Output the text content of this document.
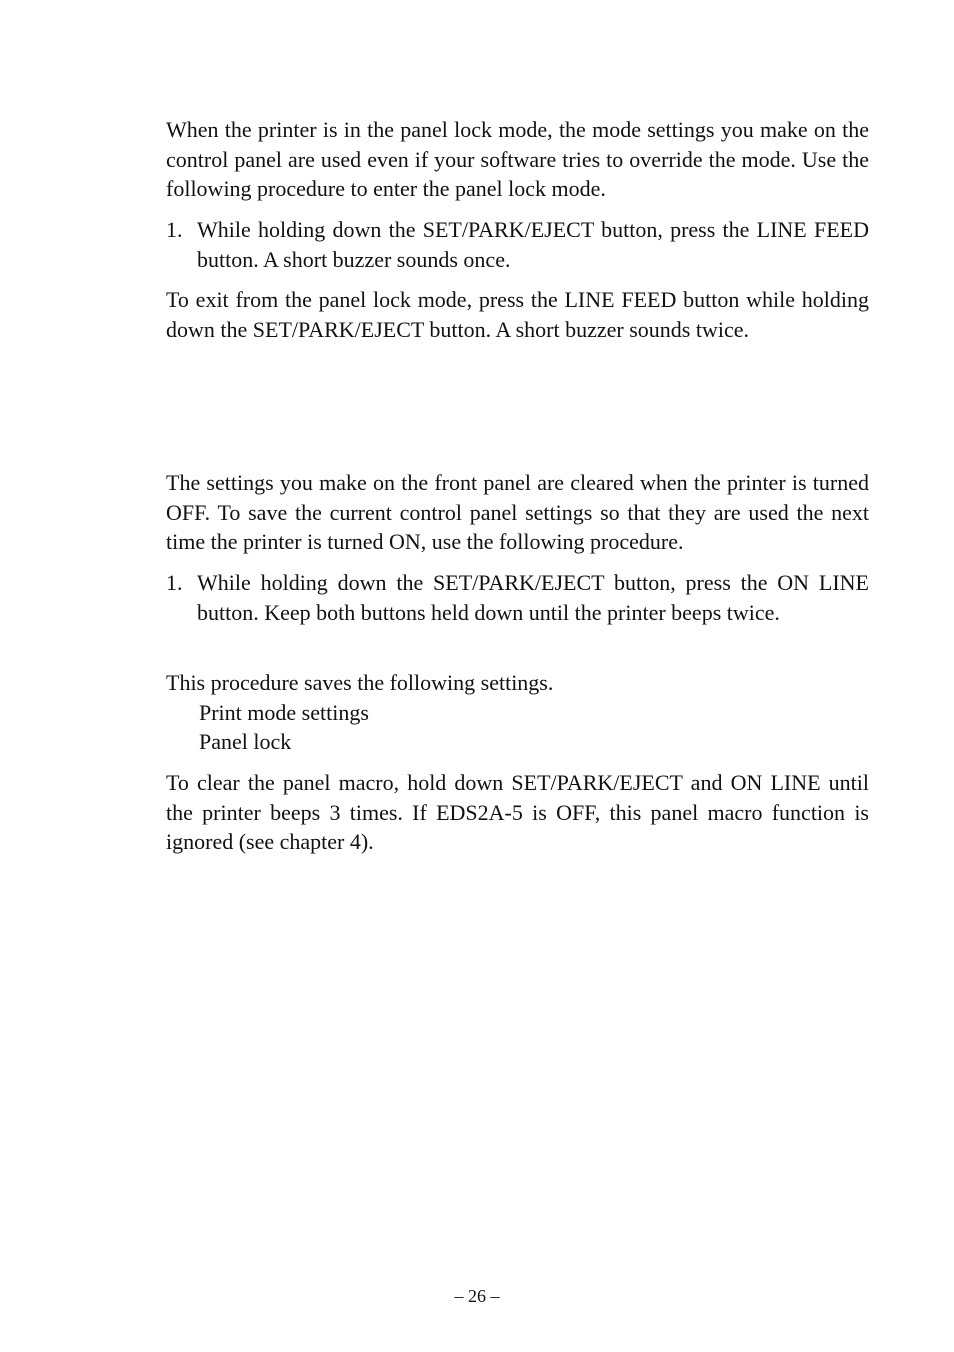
When the printer is in the panel lock mode, the mode settings you make on the control panel are used even if your software tries to override the mode. Use the following procedure to enter the panel lock mode.

1. While holding down the SET/PARK/EJECT button, press the LINE FEED button. A short buzzer sounds once.

To exit from the panel lock mode, press the LINE FEED button while holding down the SET/PARK/EJECT button. A short buzzer sounds twice.

The settings you make on the front panel are cleared when the printer is turned OFF. To save the current control panel settings so that they are used the next time the printer is turned ON, use the following procedure.

1. While holding down the SET/PARK/EJECT button, press the ON LINE button. Keep both buttons held down until the printer beeps twice.

This procedure saves the following settings.

Print mode settings

Panel lock

To clear the panel macro, hold down SET/PARK/EJECT and ON LINE until the printer beeps 3 times. If EDS2A-5 is OFF, this panel macro function is ignored (see chapter 4).

– 26 –
